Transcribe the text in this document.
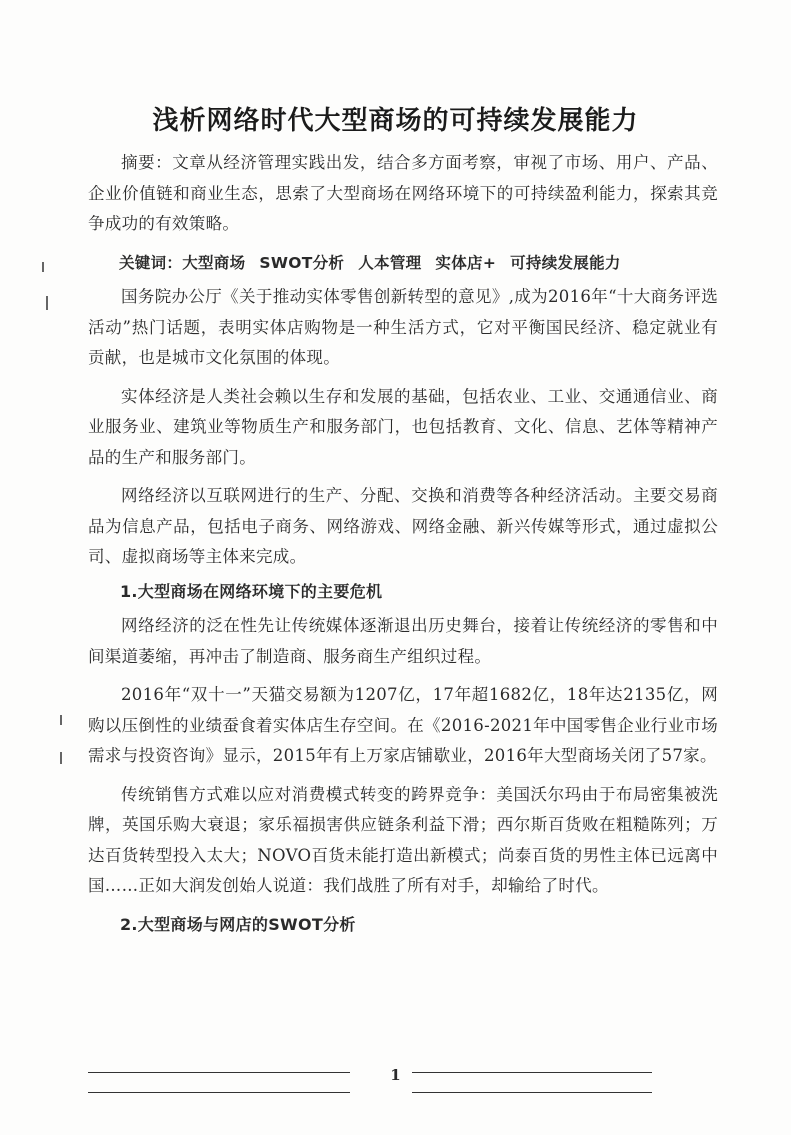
浅析网络时代大型商场的可持续发展能力

摘要：文章从经济管理实践出发，结合多方面考察，审视了市场、用户、产品、企业价值链和商业生态，思索了大型商场在网络环境下的可持续盈利能力，探索其竞争成功的有效策略。

关键词：大型商场 SWOT分析 人本管理 实体店+ 可持续发展能力

国务院办公厅《关于推动实体零售创新转型的意见》,成为2016年“十大商务评选活动”热门话题，表明实体店购物是一种生活方式，它对平衡国民经济、稳定就业有贡献，也是城市文化氛围的体现。

实体经济是人类社会赖以生存和发展的基础，包括农业、工业、交通通信业、商业服务业、建筑业等物质生产和服务部门，也包括教育、文化、信息、艺体等精神产品的生产和服务部门。

网络经济以互联网进行的生产、分配、交换和消费等各种经济活动。主要交易商品为信息产品，包括电子商务、网络游戏、网络金融、新兴传媒等形式，通过虚拟公司、虚拟商场等主体来完成。

1.大型商场在网络环境下的主要危机

网络经济的泛在性先让传统媒体逐渐退出历史舞台，接着让传统经济的零售和中间渠道萎缩，再冲击了制造商、服务商生产组织过程。

2016年“双十一”天猫交易额为1207亿，17年超1682亿，18年达2135亿，网购以压倒性的业绩蚕食着实体店生存空间。在《2016-2021年中国零售企业行业市场需求与投资咨询》显示，2015年有上万家店铺歇业，2016年大型商场关闭了57家。

传统销售方式难以应对消费模式转变的跨界竞争：美国沃尔玛由于布局密集被洗牌，英国乐购大衰退；家乐福损害供应链条利益下滑；西尔斯百货败在粗糙陈列；万达百货转型投入太大；NOVO百货未能打造出新模式；尚泰百货的男性主体已远离中国……正如大润发创始人说道：我们战胜了所有对手，却输给了时代。

2.大型商场与网店的SWOT分析

1
